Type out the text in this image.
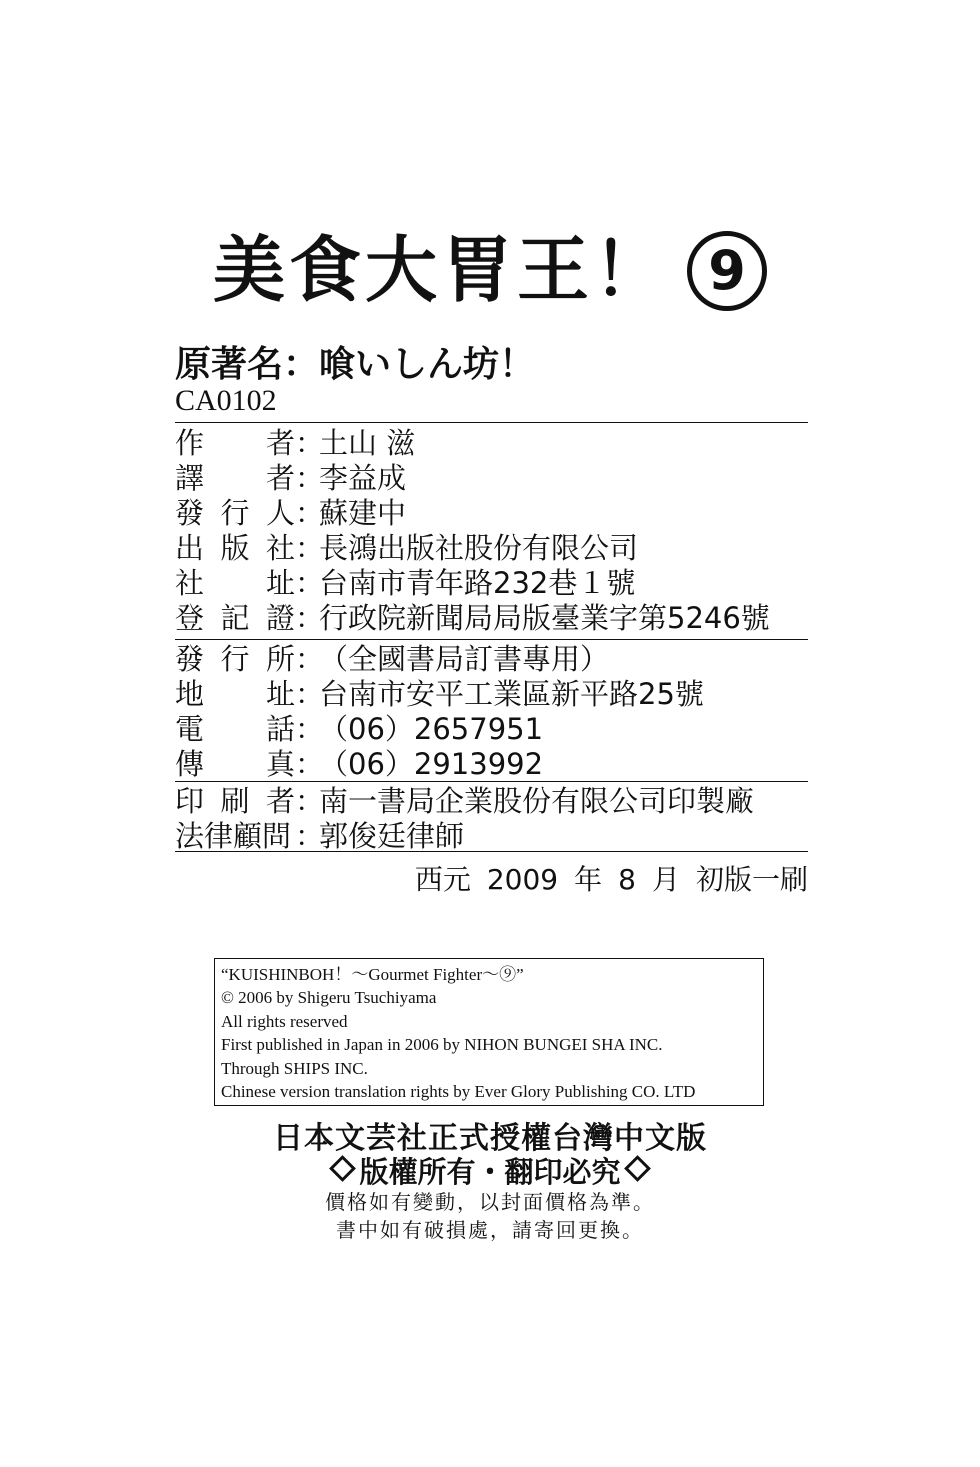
美食大胃王！ 9
原著名：喰いしん坊！
CA0102
作者：土山 滋
譯者：李益成
發行人：蘇建中
出版社：長鴻出版社股份有限公司
社址：台南市青年路232巷１號
登記證：行政院新聞局局版臺業字第5246號
發行所：（全國書局訂書專用）
地址：台南市安平工業區新平路25號
電話：（06）2657951
傳真：（06）2913992
印刷者：南一書局企業股份有限公司印製廠
法律顧問 ：郭俊廷律師
西元 2009 年 8 月 初版一刷
“KUISHINBOH！～Gourmet Fighter～⑨”
© 2006 by Shigeru Tsuchiyama
All rights reserved
First published in Japan in 2006 by NIHON BUNGEI SHA INC.
Through SHIPS INC.
Chinese version translation rights by Ever Glory Publishing CO. LTD
日本文芸社正式授權台灣中文版
版權所有・翻印必究
價格如有變動，以封面價格為準。
書中如有破損處，請寄回更換。
